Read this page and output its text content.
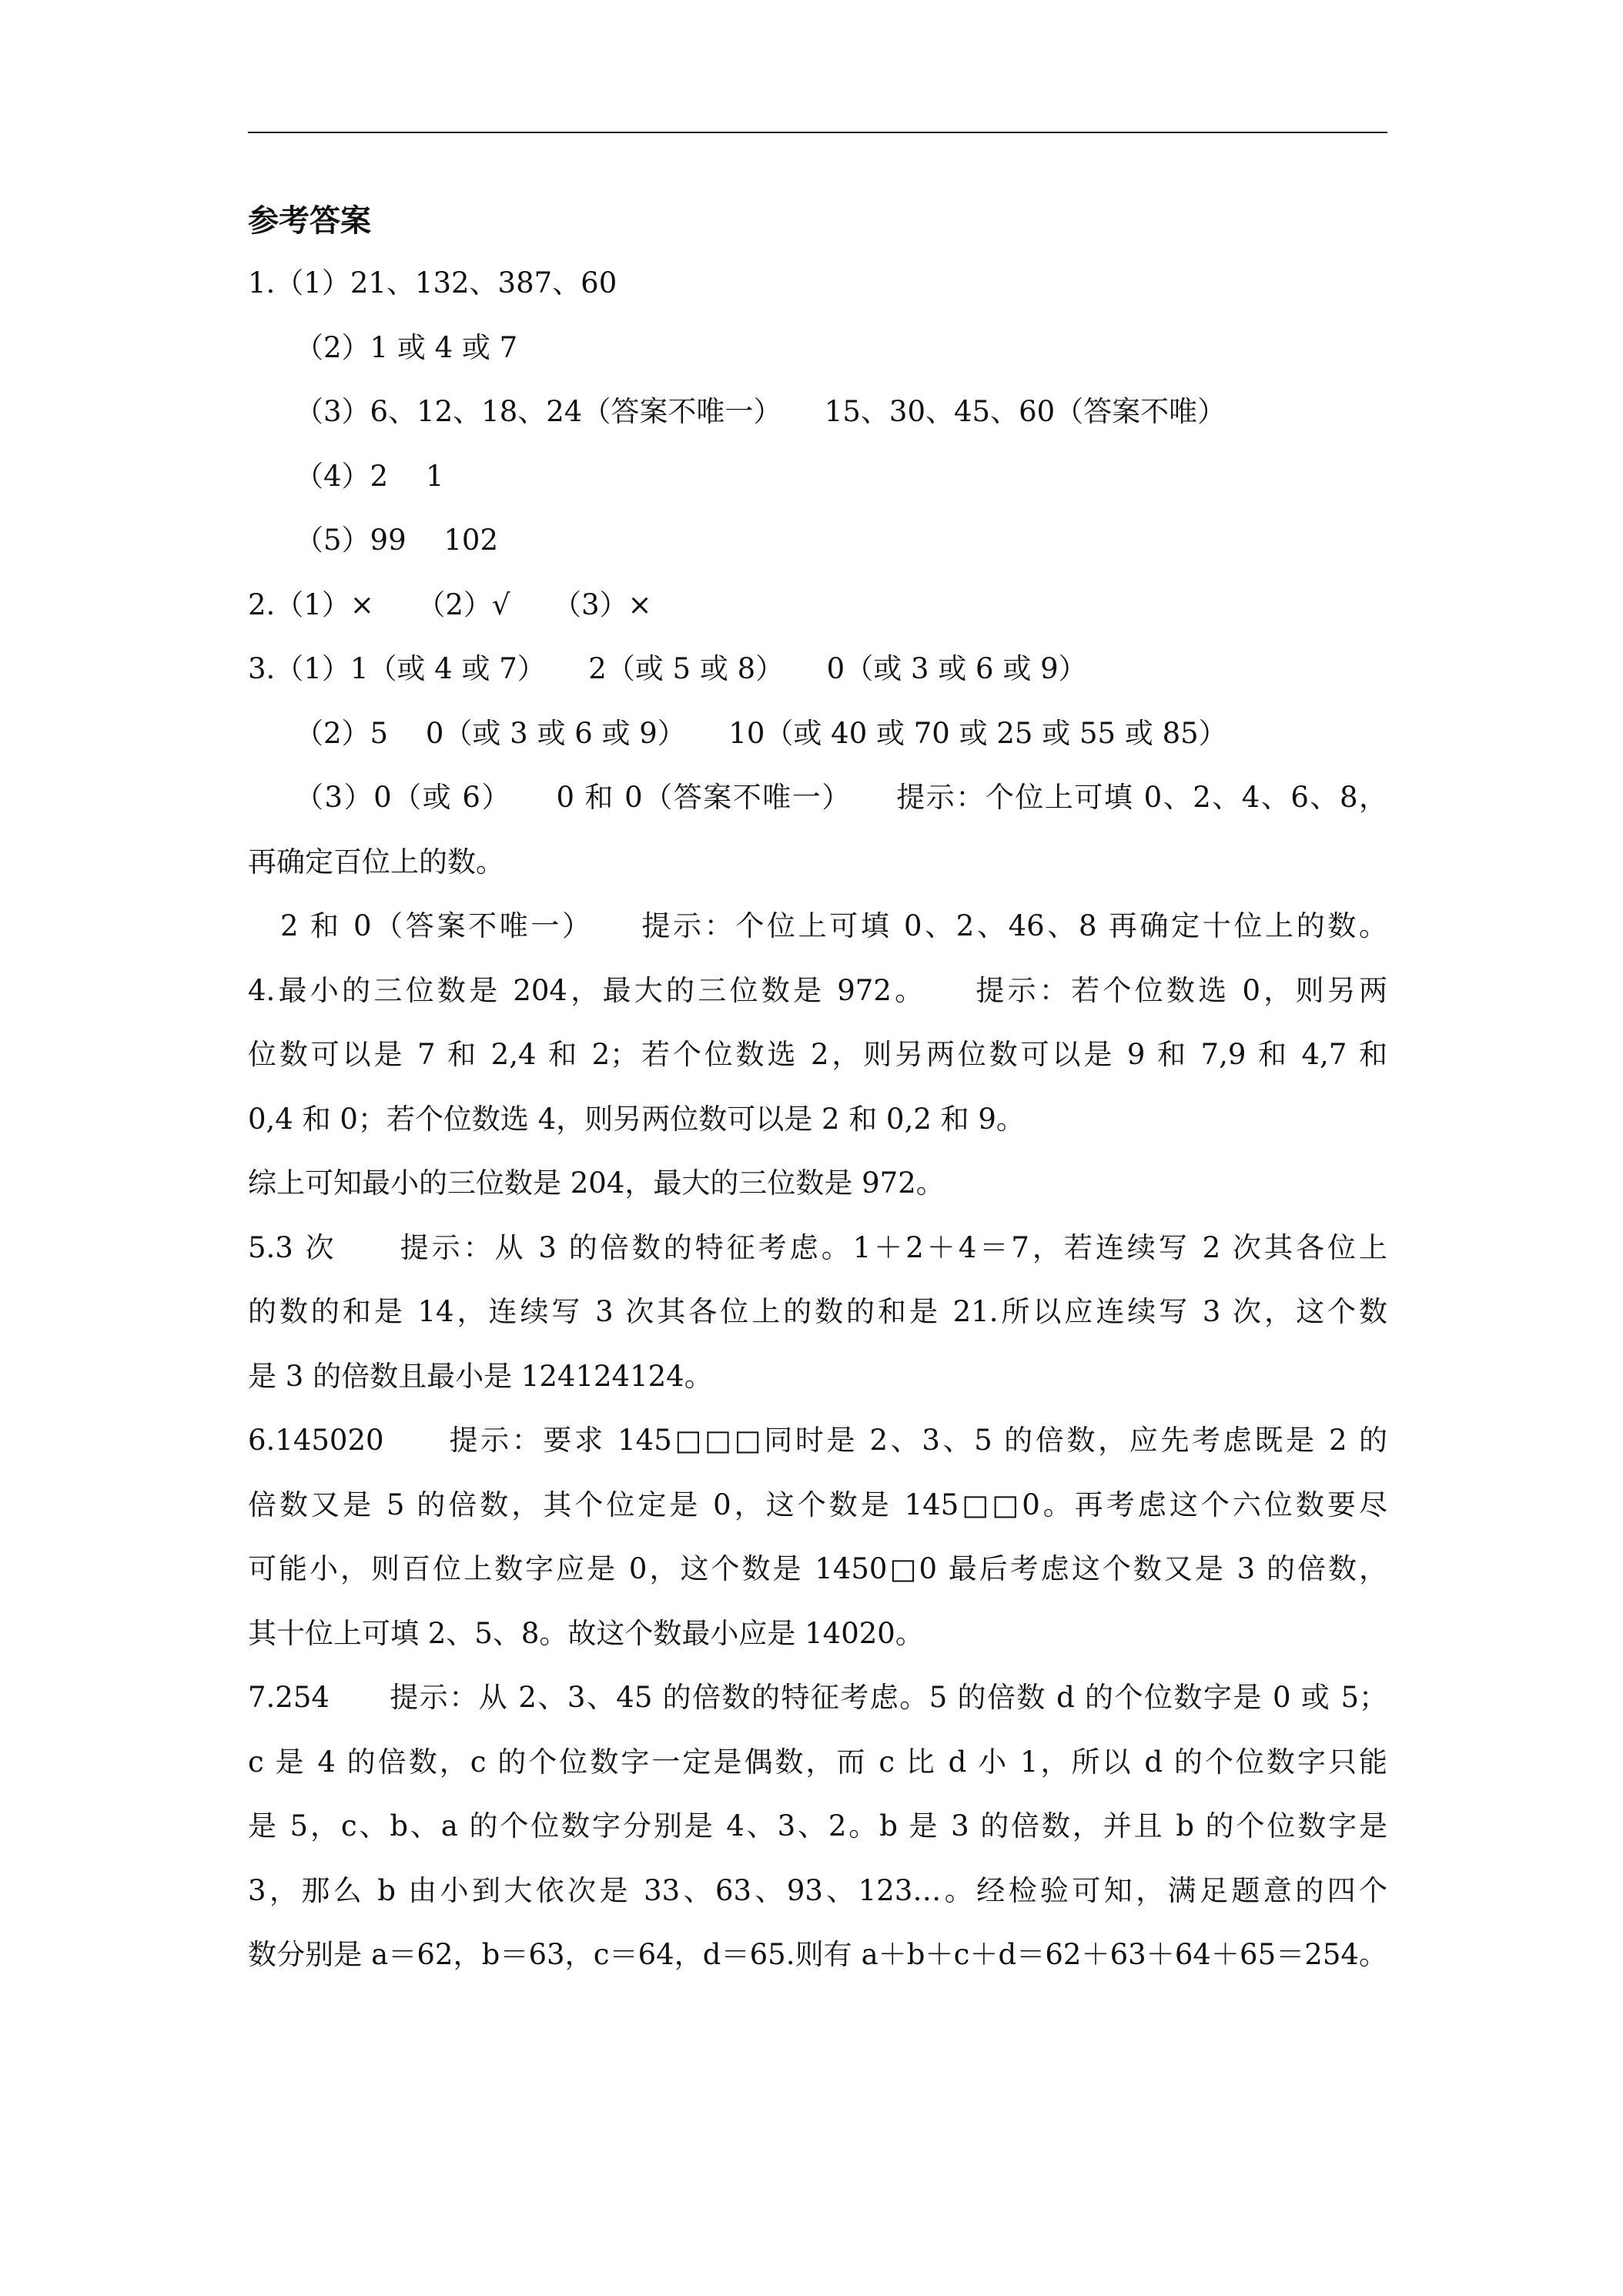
参考答案
1.（1）21、132、387、60
（2）1 或 4 或 7
（3）6、12、18、24（答案不唯一）　　15、30、45、60（答案不唯）
（4）2　 1
（5）99　 102
2.（1）×　　（2）√　　（3）×
3.（1）1（或 4 或 7）　　2（或 5 或 8）　　0（或 3 或 6 或 9）
（2）5　 0（或 3 或 6 或 9）　　10（或 40 或 70 或 25 或 55 或 85）
（3）0（或 6）　　0 和 0（答案不唯一）　　提示：个位上可填 0、2、4、6、8，
再确定百位上的数。
2 和 0（答案不唯一）　　提示：个位上可填 0、2、46、8 再确定十位上的数。
4.最小的三位数是 204，最大的三位数是 972。　　提示：若个位数选 0，则另两
位数可以是 7 和 2,4 和 2；若个位数选 2，则另两位数可以是 9 和 7,9 和 4,7 和
0,4 和 0；若个位数选 4，则另两位数可以是 2 和 0,2 和 9。
综上可知最小的三位数是 204，最大的三位数是 972。
5.3 次　　提示：从 3 的倍数的特征考虑。1＋2＋4＝7，若连续写 2 次其各位上
的数的和是 14，连续写 3 次其各位上的数的和是 21.所以应连续写 3 次，这个数
是 3 的倍数且最小是 124124124。
6.145020　　提示：要求 145□□□同时是 2、3、5 的倍数，应先考虑既是 2 的
倍数又是 5 的倍数，其个位定是 0，这个数是 145□□0。再考虑这个六位数要尽
可能小，则百位上数字应是 0，这个数是 1450□0 最后考虑这个数又是 3 的倍数，
其十位上可填 2、5、8。故这个数最小应是 14020。
7.254　　提示：从 2、3、45 的倍数的特征考虑。5 的倍数 d 的个位数字是 0 或 5；
c 是 4 的倍数，c 的个位数字一定是偶数，而 c 比 d 小 1，所以 d 的个位数字只能
是 5，c、b、a 的个位数字分别是 4、3、2。b 是 3 的倍数，并且 b 的个位数字是
3，那么 b 由小到大依次是 33、63、93、123…。经检验可知，满足题意的四个
数分别是 a＝62，b＝63，c＝64，d＝65.则有 a＋b＋c＋d＝62＋63＋64＋65＝254。
